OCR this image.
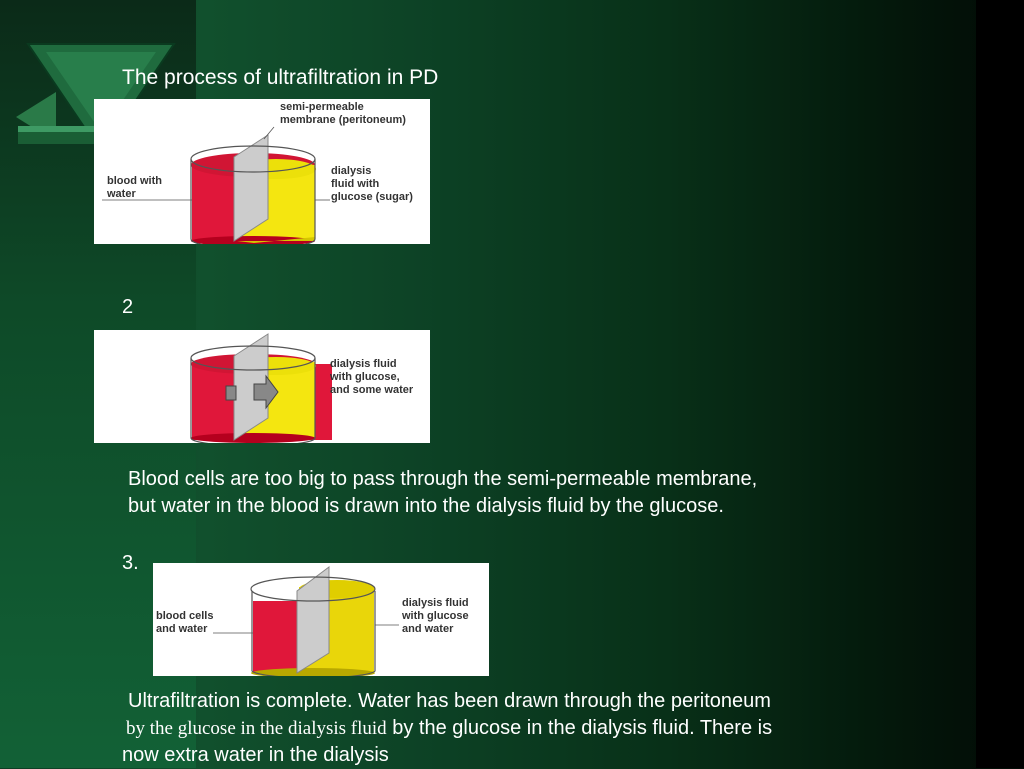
The process of ultrafiltration in PD
semi-permeable
membrane (peritoneum)
blood with
water
dialysis
fluid with
glucose (sugar)
2
dialysis fluid
with glucose,
and some water
Blood cells are too big to pass through the semi-permeable membrane,
but water in the blood is drawn into the dialysis fluid by the glucose.
3.
blood cells
and water
dialysis fluid
with glucose
and water
Ultrafiltration is complete. Water has been drawn through the peritoneum
by the glucose in the dialysis fluid by the glucose in the dialysis fluid. There is
now extra water in the dialysis
